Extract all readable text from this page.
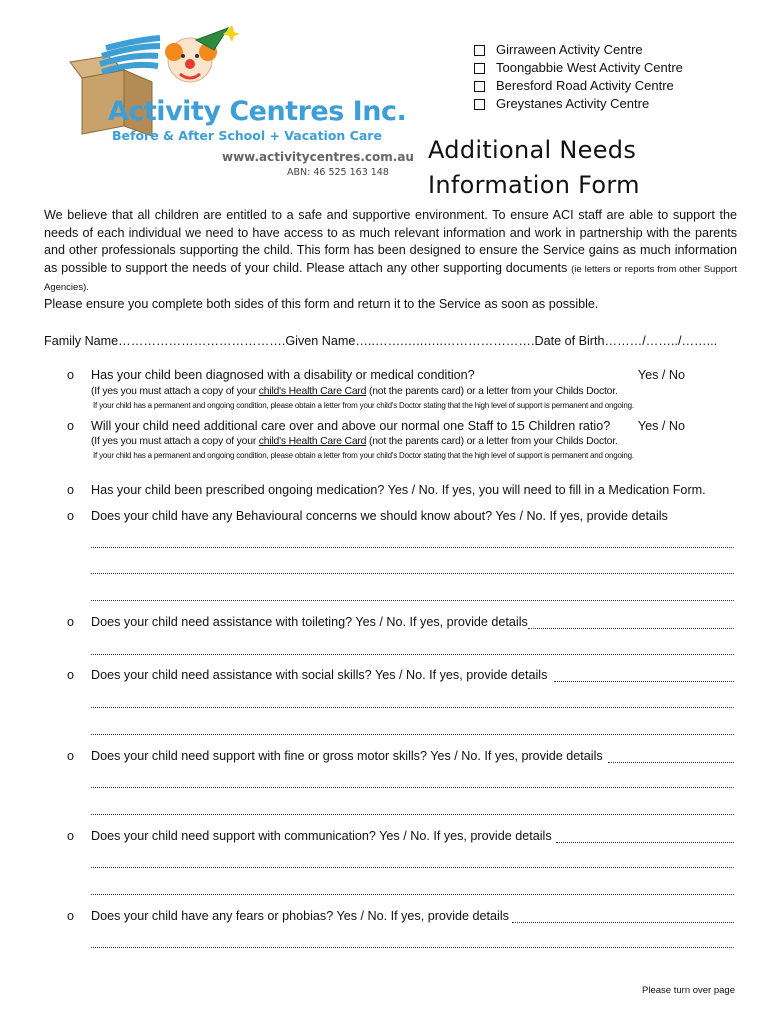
Activity Centres Inc.
Before & After School + Vacation Care
www.activitycentres.com.au
ABN: 46 525 163 148
Girraween Activity Centre
Toongabbie West Activity Centre
Beresford Road Activity Centre
Greystanes Activity Centre
Additional Needs
Information Form

We believe that all children are entitled to a safe and supportive environment. To ensure ACI staff are able to support the needs of each individual we need to have access to as much relevant information and work in partnership with the parents and other professionals supporting the child. This form has been designed to ensure the Service gains as much information as possible to support the needs of your child. Please attach any other supporting documents (ie letters or reports from other Support Agencies).

Please ensure you complete both sides of this form and return it to the Service as soon as possible.
Family Name………………………………….Given Name…..…….…..…..………………….Date of Birth………/……../……...
o Has your child been diagnosed with a disability or medical condition?	Yes / No
(If yes you must attach a copy of your child's Health Care Card (not the parents card) or a letter from your Childs Doctor.
If your child has a permanent and ongoing condition, please obtain a letter from your child's Doctor stating that the high level of support is permanent and ongoing.
o Will your child need additional care over and above our normal one Staff to 15 Children ratio? Yes / No
(If yes you must attach a copy of your child's Health Care Card (not the parents card) or a letter from your Childs Doctor.
If your child has a permanent and ongoing condition, please obtain a letter from your child's Doctor stating that the high level of support is permanent and ongoing.
o Has your child been prescribed ongoing medication? Yes / No. If yes, you will need to fill in a Medication Form.
o Does your child have any Behavioural concerns we should know about? Yes / No. If yes, provide details
o Does your child need assistance with toileting? Yes / No. If yes, provide details
o Does your child need assistance with social skills? Yes / No. If yes, provide details
o Does your child need support with fine or gross motor skills? Yes / No. If yes, provide details
o Does your child need support with communication? Yes / No. If yes, provide details
o Does your child have any fears or phobias? Yes / No. If yes, provide details
Please turn over page
